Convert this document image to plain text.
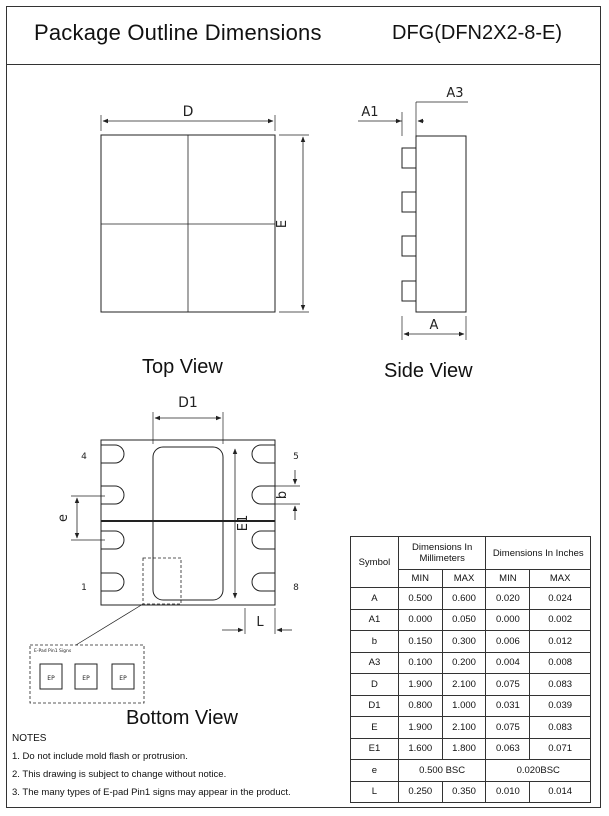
Package Outline Dimensions	DFG(DFN2X2-8-E)
D
E
A1
A3
A
D1
E1
b
e
L
4	5
1	8
E-Pad Pin1 Signs
EP	EP	EP
Top View	Side View
Bottom View
NOTES
1. Do not include mold flash or protrusion.
2. This drawing is subject to change without notice.
3. The many types of E-pad Pin1 signs may appear in the product.
Symbol	Dimensions In Millimeters		Dimensions In Inches	
	MIN	MAX	MIN	MAX
A	0.500	0.600	0.020	0.024
A1	0.000	0.050	0.000	0.002
b	0.150	0.300	0.006	0.012
A3	0.100	0.200	0.004	0.008
D	1.900	2.100	0.075	0.083
D1	0.800	1.000	0.031	0.039
E	1.900	2.100	0.075	0.083
E1	1.600	1.800	0.063	0.071
e	0.500 BSC		0.020BSC	
L	0.250	0.350	0.010	0.014
